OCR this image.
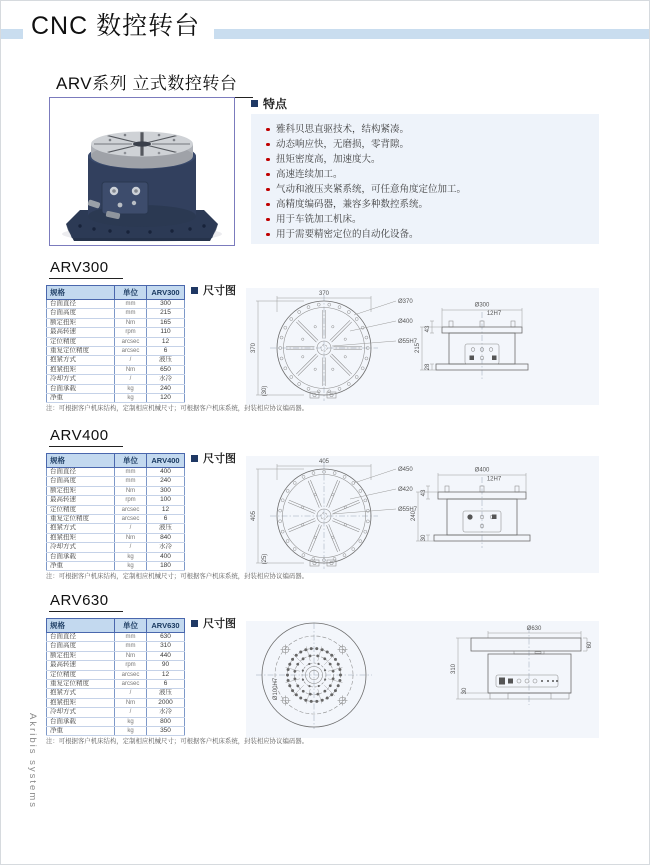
CNC 数控转台
ARV系列 立式数控转台
特点
雅科贝思直驱技术，结构紧凑。
动态响应快，无磨损，零背隙。
扭矩密度高，加速度大。
高速连续加工。
气动和液压夹紧系统，可任意角度定位加工。
高精度编码器，兼容多种数控系统。
用于车铣加工机床。
用于需要精密定位的自动化设备。
ARV300
规格	单位	ARV300
台面直径	mm	300
台面高度	mm	215
额定扭矩	Nm	165
最高转速	rpm	110
定位精度	arcsec	12
重复定位精度	arcsec	6
抱紧方式	/	液压
抱紧扭矩	Nm	650
冷却方式	/	水冷
台面承载	kg	240
净重	kg	120
尺寸图	370
370
(30)
Ø370
Ø400
Ø55H7
Ø300
12H7
43
215
28
注：可根据客户机床结构，定制相应机械尺寸；可根据客户机床系统，封装相应协议编码器。
ARV400
规格	单位	ARV400
台面直径	mm	400
台面高度	mm	240
额定扭矩	Nm	300
最高转速	rpm	100
定位精度	arcsec	12
重复定位精度	arcsec	6
抱紧方式	/	液压
抱紧扭矩	Nm	840
冷却方式	/	水冷
台面承载	kg	400
净重	kg	180
尺寸图	405
405
(25)
Ø450
Ø420
Ø55H7
Ø400
12H7
43
240
30
注：可根据客户机床结构，定制相应机械尺寸；可根据客户机床系统，封装相应协议编码器。
ARV630
规格	单位	ARV630
台面直径	mm	630
台面高度	mm	310
额定扭矩	Nm	440
最高转速	rpm	90
定位精度	arcsec	12
重复定位精度	arcsec	6
抱紧方式	/	液压
抱紧扭矩	Nm	2000
冷却方式	/	水冷
台面承载	kg	800
净重	kg	350
尺寸图
Ø100H7
Ø630
60
310
30
注：可根据客户机床结构，定制相应机械尺寸；可根据客户机床系统，封装相应协议编码器。
Akribis systems
